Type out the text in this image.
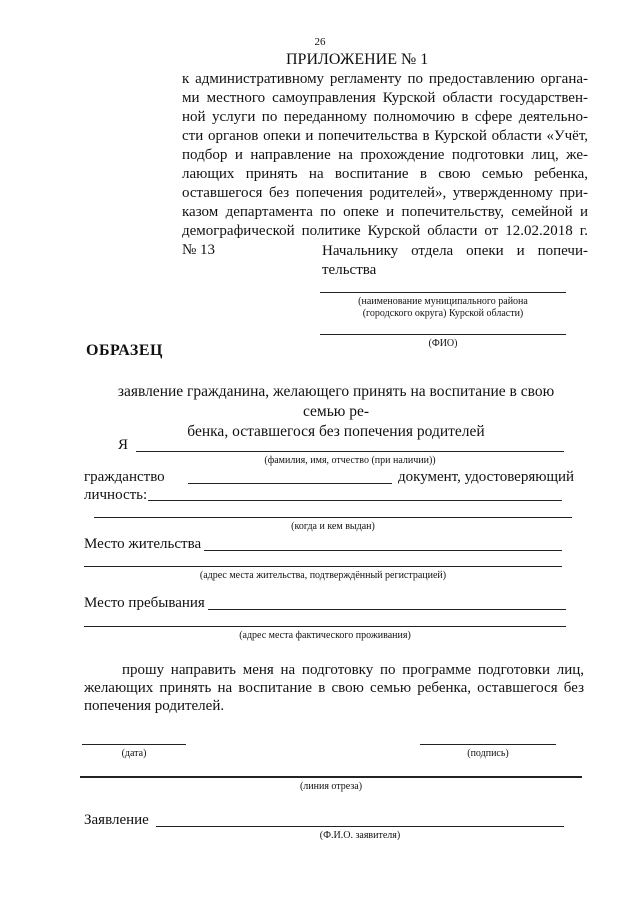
26
ПРИЛОЖЕНИЕ № 1
к административному регламенту по предоставлению органа-
ми местного самоуправления Курской области государствен-
ной услуги по переданному полномочию в сфере деятельно-
сти органов опеки и попечительства в Курской области «Учёт,
подбор и направление на прохождение подготовки лиц, же-
лающих принять на воспитание в свою семью ребенка,
оставшегося без попечения родителей», утвержденному при-
казом департамента по опеке и попечительству, семейной и
демографической политике Курской области от 12.02.2018 г.
№ 13	Начальнику отдела опеки и попечи-
тельства
(наименование муниципального района
(городского округа) Курской области)
(ФИО)
ОБРАЗЕЦ
заявление гражданина, желающего принять на воспитание в свою семью ре-
бенка, оставшегося без попечения родителей
Я
(фамилия, имя, отчество (при наличии))
гражданство	документ, удостоверяющий
личность:
(когда и кем выдан)
Место жительства
(адрес места жительства, подтверждённый регистрацией)
Место пребывания
(адрес места фактического проживания)
прошу направить меня на подготовку по программе подготовки лиц,
желающих принять на воспитание в свою семью ребенка, оставшегося без
попечения родителей.
(дата)	(подпись)
(линия отреза)
Заявление
(Ф.И.О. заявителя)
